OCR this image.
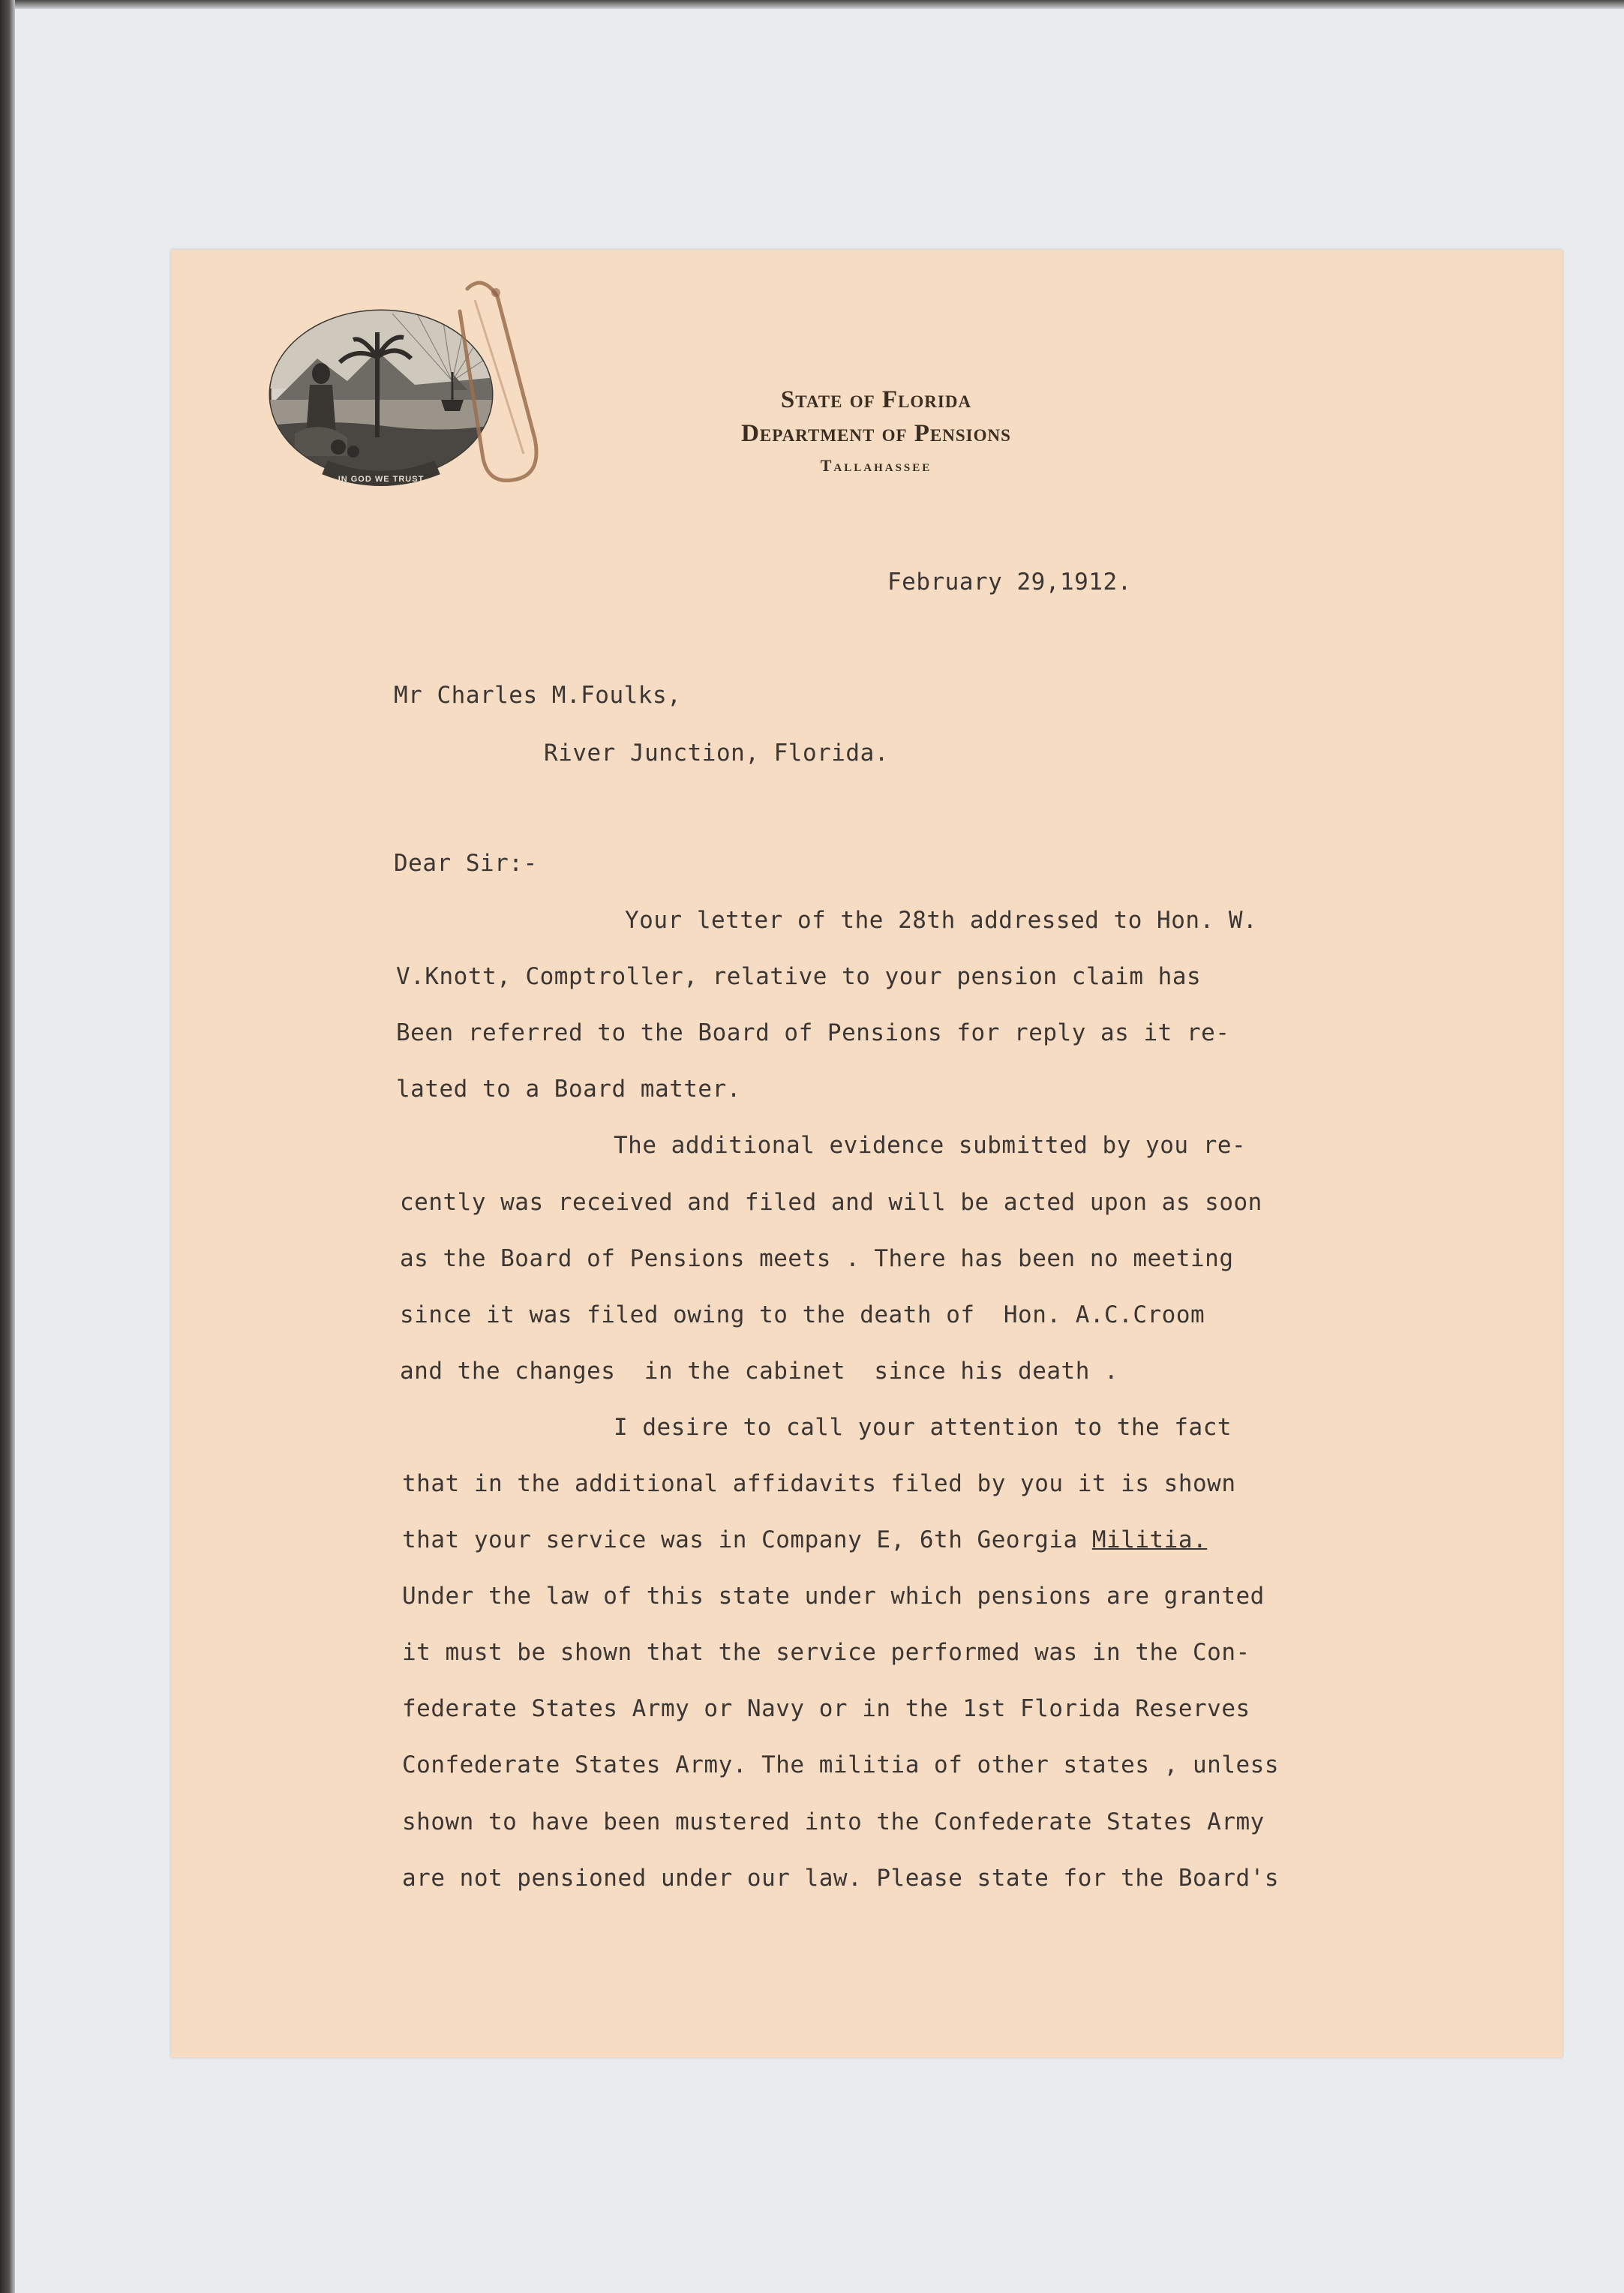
IN GOD WE TRUST
State of Florida
Department of Pensions
Tallahassee
February 29,1912.
Mr Charles M.Foulks,
River Junction, Florida.
Dear Sir:-
Your letter of the 28th addressed to Hon. W.
V.Knott, Comptroller, relative to your pension claim has
Been referred to the Board of Pensions for reply as it re-
lated to a Board matter.
The additional evidence submitted by you re-
cently was received and filed and will be acted upon as soon
as the Board of Pensions meets . There has been no meeting
since it was filed owing to the death of  Hon. A.C.Croom
and the changes  in the cabinet  since his death .
I desire to call your attention to the fact
that in the additional affidavits filed by you it is shown
that your service was in Company E, 6th Georgia Militia.
Under the law of this state under which pensions are granted
it must be shown that the service performed was in the Con-
federate States Army or Navy or in the 1st Florida Reserves
Confederate States Army. The militia of other states , unless
shown to have been mustered into the Confederate States Army
are not pensioned under our law. Please state for the Board's
